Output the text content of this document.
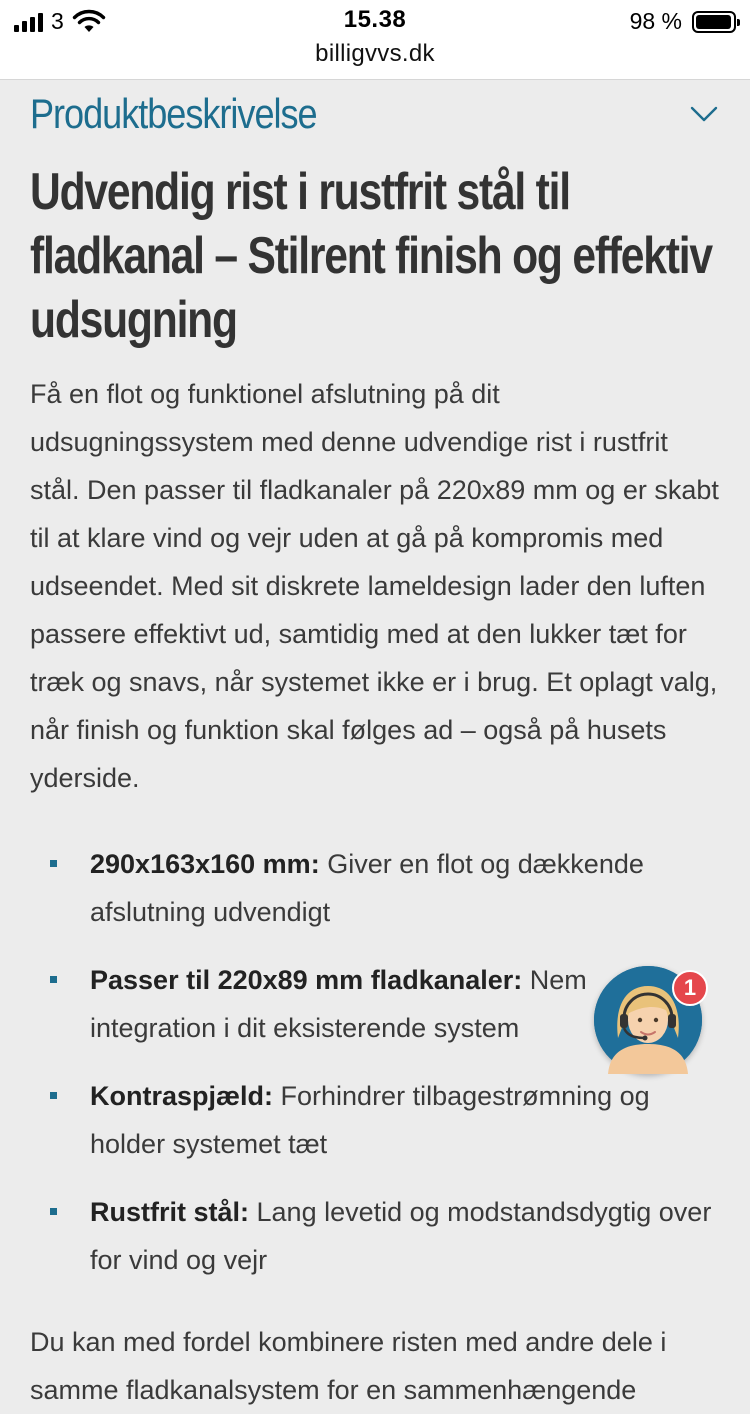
3	15.38	98 %
billigvvs.dk
Produktbeskrivelse
Udvendig rist i rustfrit stål til fladkanal – Stilrent finish og effektiv udsugning

Få en flot og funktionel afslutning på dit udsugningssystem med denne udvendige rist i rustfrit stål. Den passer til fladkanaler på 220x89 mm og er skabt til at klare vind og vejr uden at gå på kompromis med udseendet. Med sit diskrete lameldesign lader den luften passere effektivt ud, samtidig med at den lukker tæt for træk og snavs, når systemet ikke er i brug. Et oplagt valg, når finish og funktion skal følges ad – også på husets yderside.

290x163x160 mm: Giver en flot og dækkende afslutning udvendigt
Passer til 220x89 mm fladkanaler: Nem integration i dit eksisterende system
Kontraspjæld: Forhindrer tilbagestrømning og holder systemet tæt
Rustfrit stål: Lang levetid og modstandsdygtig over for vind og vejr

Du kan med fordel kombinere risten med andre dele i samme fladkanalsystem for en sammenhængende

1
